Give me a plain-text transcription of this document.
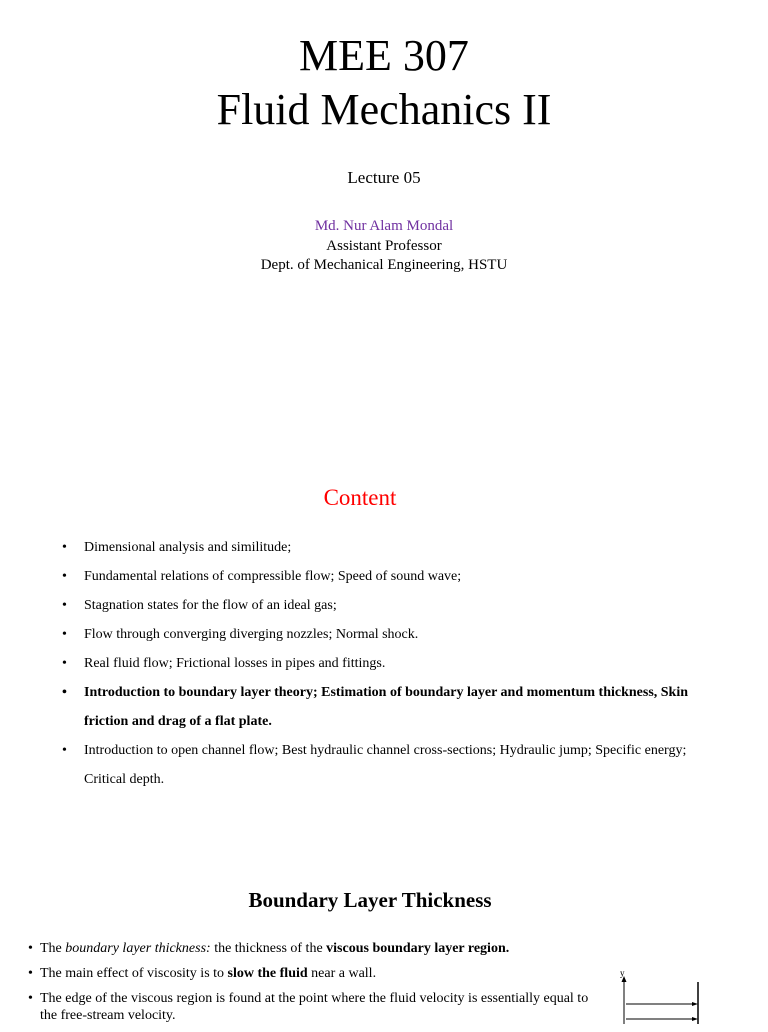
MEE 307
Fluid Mechanics II
Lecture 05
Md. Nur Alam Mondal
Assistant Professor
Dept. of Mechanical Engineering, HSTU
Content
• Dimensional analysis and similitude;
• Fundamental relations of compressible flow; Speed of sound wave;
• Stagnation states for the flow of an ideal gas;
• Flow through converging diverging nozzles; Normal shock.
• Real fluid flow; Frictional losses in pipes and fittings.
• Introduction to boundary layer theory; Estimation of boundary layer and momentum thickness, Skin friction and drag of a flat plate.
• Introduction to open channel flow; Best hydraulic channel cross-sections; Hydraulic jump; Specific energy; Critical depth.
Boundary Layer Thickness
• The boundary layer thickness: the thickness of the viscous boundary layer region.
• The main effect of viscosity is to slow the fluid near a wall.
• The edge of the viscous region is found at the point where the fluid velocity is essentially equal to the free-stream velocity.
y
